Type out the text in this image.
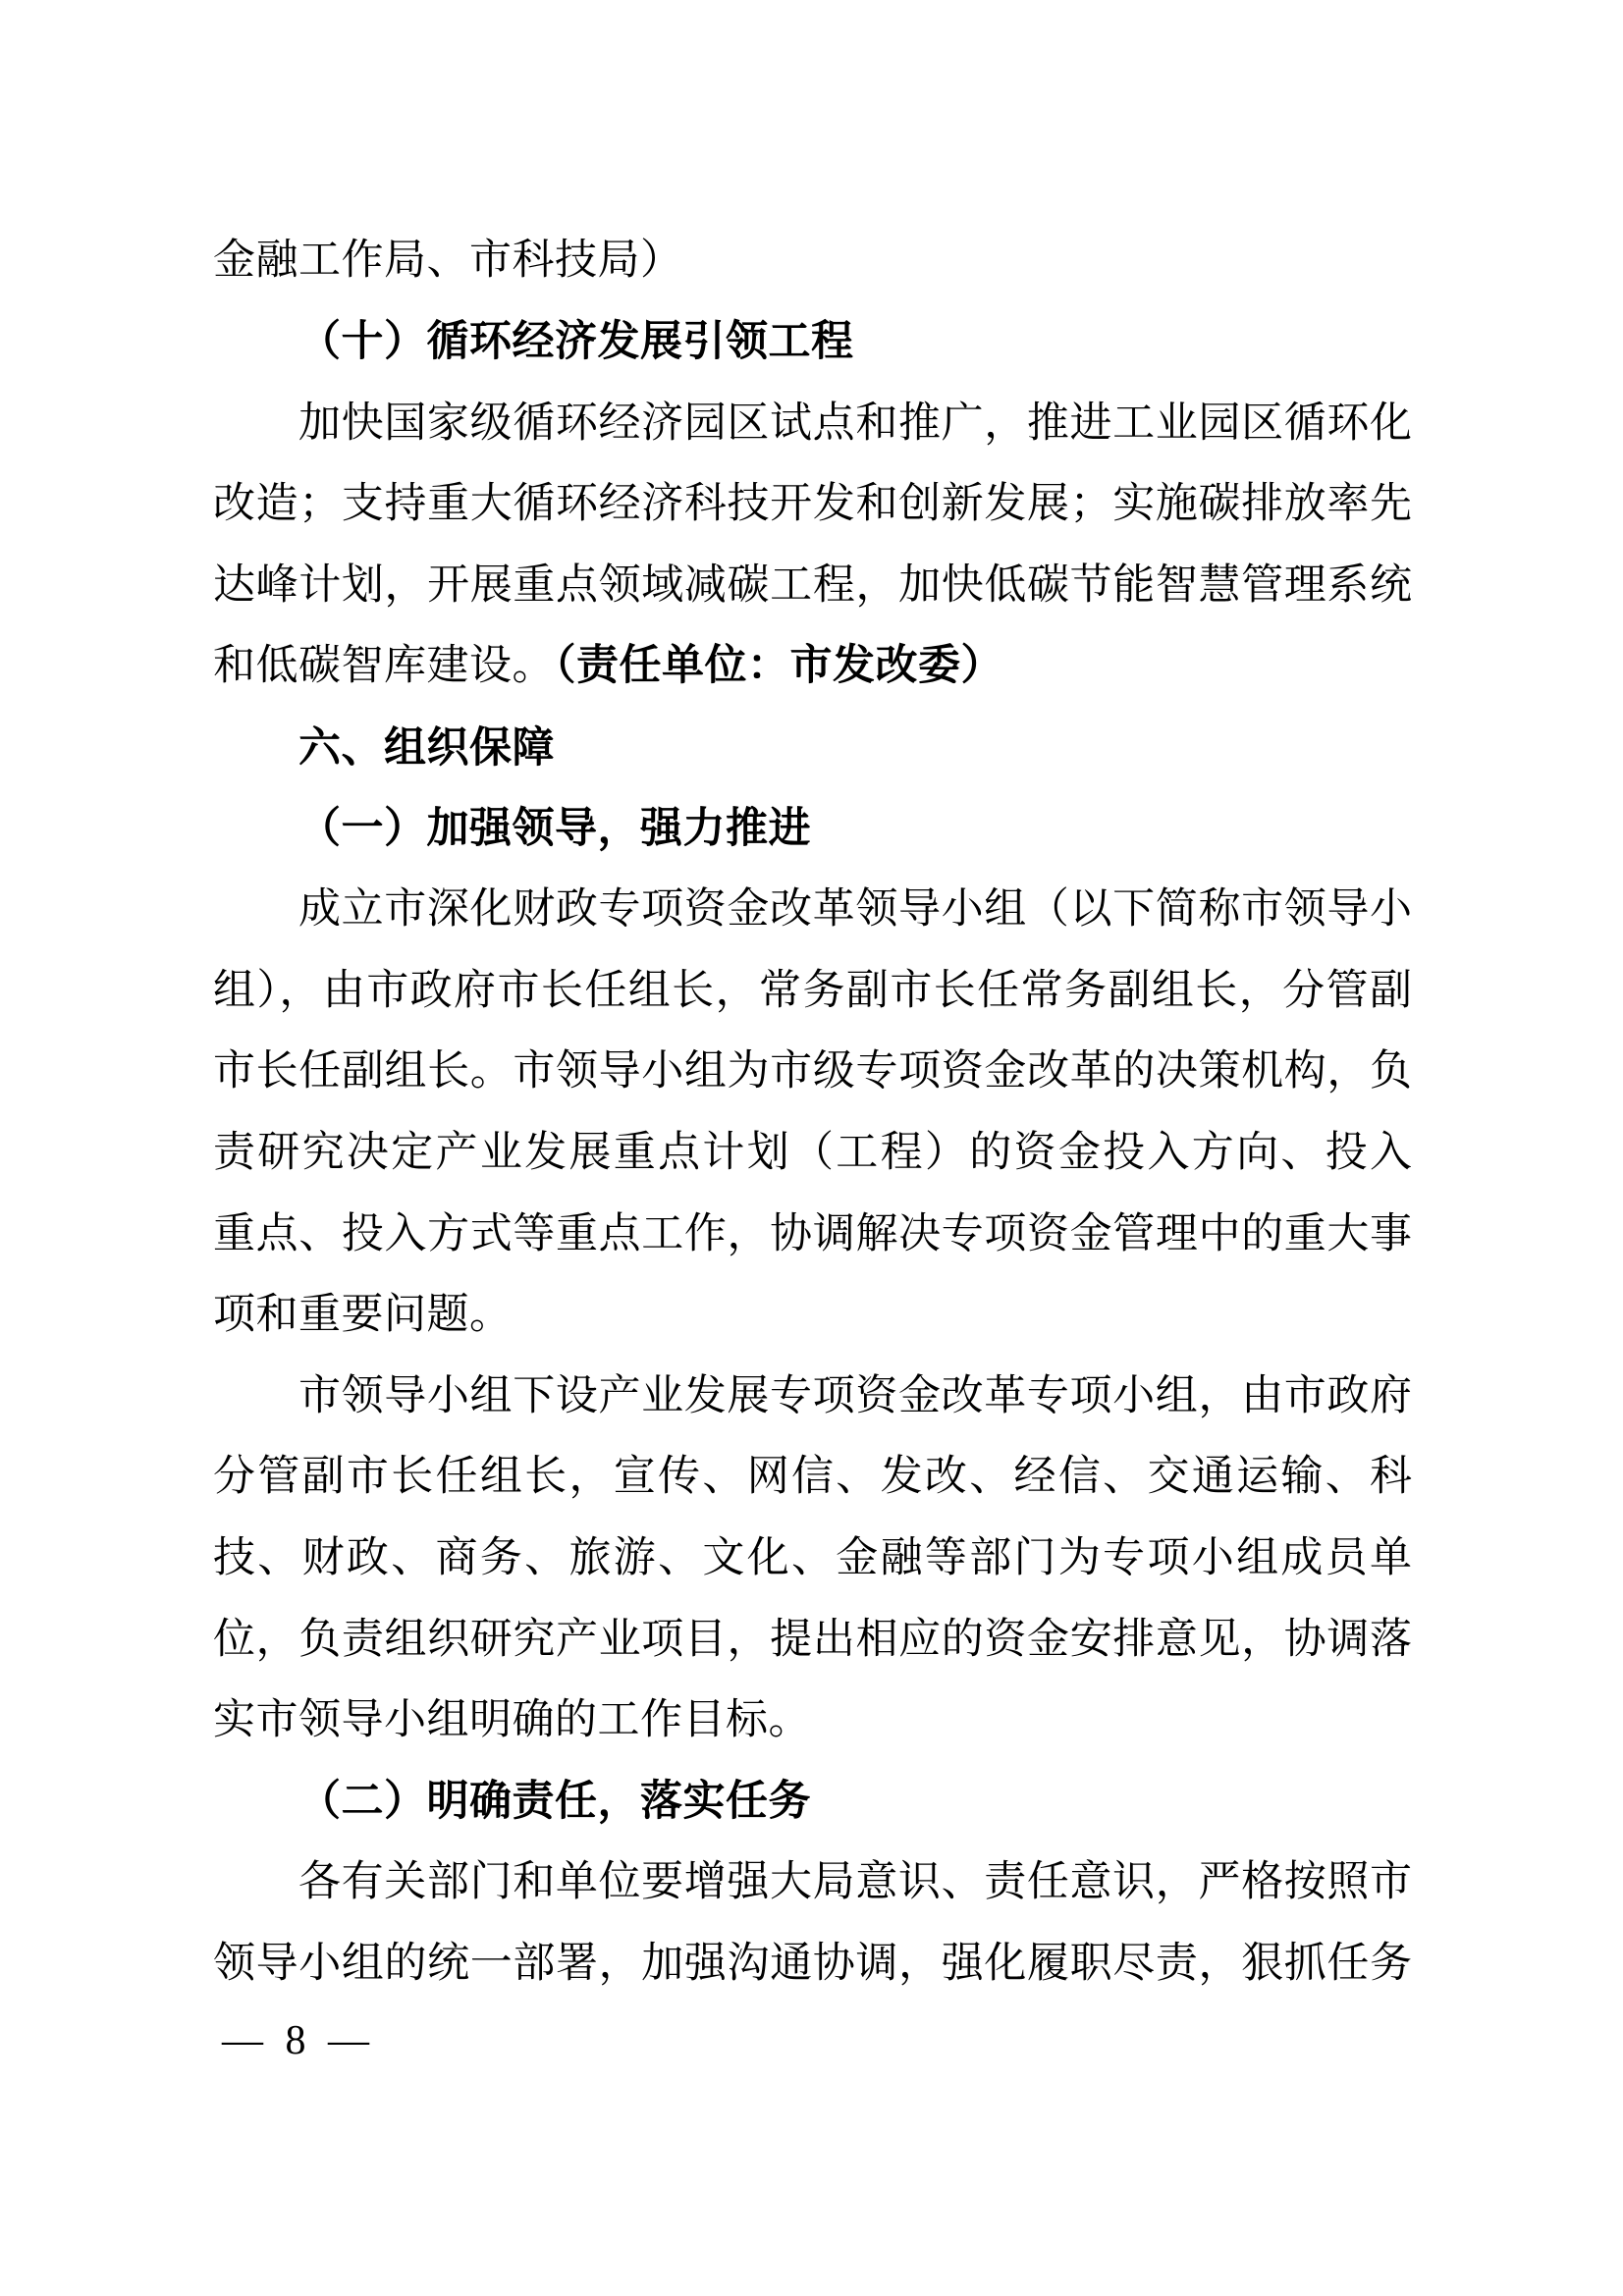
金融工作局、市科技局）
（十）循环经济发展引领工程
加快国家级循环经济园区试点和推广，推进工业园区循环化
改造；支持重大循环经济科技开发和创新发展；实施碳排放率先
达峰计划，开展重点领域减碳工程，加快低碳节能智慧管理系统
和低碳智库建设。（责任单位：市发改委）
六、组织保障
（一）加强领导，强力推进
成立市深化财政专项资金改革领导小组（以下简称市领导小
组），由市政府市长任组长，常务副市长任常务副组长，分管副
市长任副组长。市领导小组为市级专项资金改革的决策机构，负
责研究决定产业发展重点计划（工程）的资金投入方向、投入
重点、投入方式等重点工作，协调解决专项资金管理中的重大事
项和重要问题。
市领导小组下设产业发展专项资金改革专项小组，由市政府
分管副市长任组长，宣传、网信、发改、经信、交通运输、科
技、财政、商务、旅游、文化、金融等部门为专项小组成员单
位，负责组织研究产业项目，提出相应的资金安排意见，协调落
实市领导小组明确的工作目标。
（二）明确责任，落实任务
各有关部门和单位要增强大局意识、责任意识，严格按照市
领导小组的统一部署，加强沟通协调，强化履职尽责，狠抓任务
— 8 —
